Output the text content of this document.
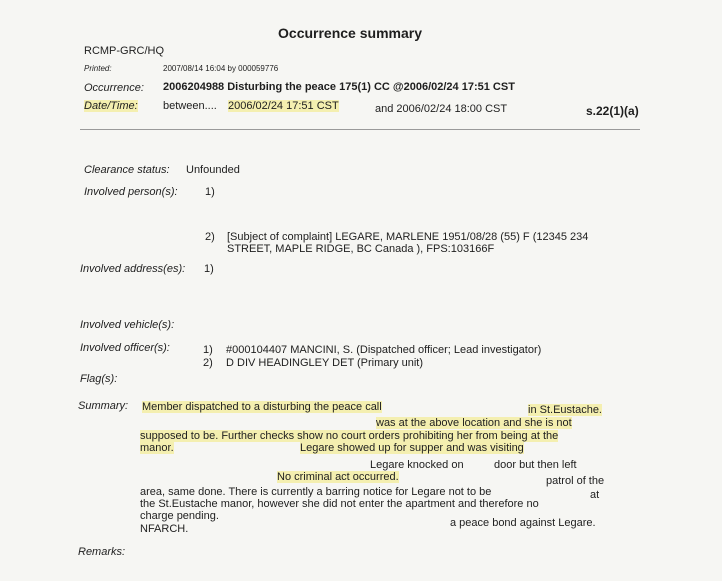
Occurrence summary
RCMP-GRC/HQ
Printed:	2007/08/14 16:04 by 000059776
Occurrence: 2006204988 Disturbing the peace 175(1) CC @2006/02/24 17:51 CST
Date/Time: between.... 2006/02/24 17:51 CST	and 2006/02/24 18:00 CST	s.22(1)(a)
Clearance status: Unfounded
Involved person(s): 1)
2) [Subject of complaint] LEGARE, MARLENE 1951/08/28 (55) F (12345 234
STREET, MAPLE RIDGE, BC Canada ), FPS:103166F
Involved address(es): 1)
Involved vehicle(s):
Involved officer(s):	1) #000104407 MANCINI, S. (Dispatched officer; Lead investigator)
2) D DIV HEADINGLEY DET (Primary unit)
Flag(s):
Summary: Member dispatched to a disturbing the peace call	in St.Eustache.
was at the above location and she is not
supposed to be. Further checks show no court orders prohibiting her from being at the
manor.	Legare showed up for supper and was visiting
Legare knocked on	door but then left
No criminal act occurred.	patrol of the
area, same done. There is currently a barring notice for Legare not to be	at
the St.Eustache manor, however she did not enter the apartment and therefore no
charge pending.
a peace bond against Legare.
NFARCH.
Remarks:
